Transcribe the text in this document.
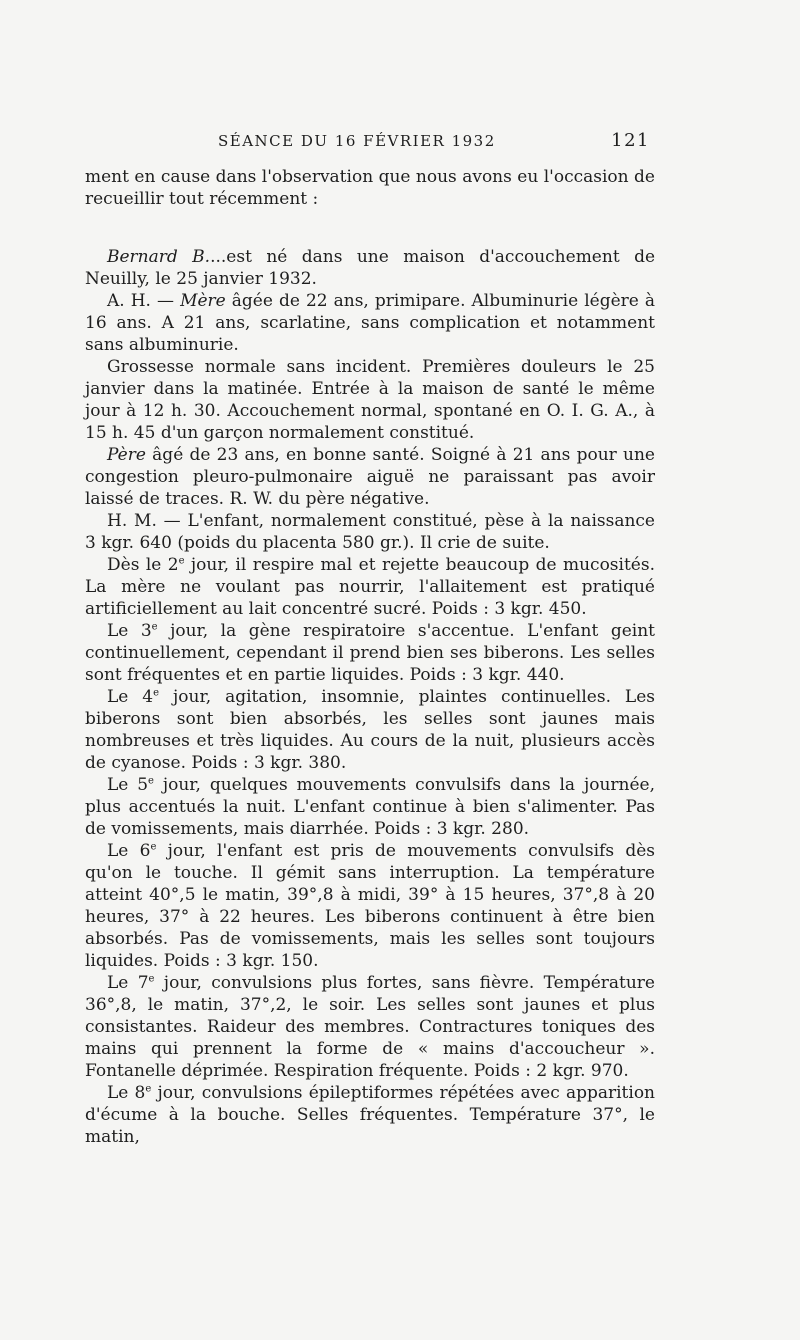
SÉANCE DU 16 FÉVRIER 1932	121

ment en cause dans l'observation que nous avons eu l'occasion de recueillir tout récemment :

Bernard B....est né dans une maison d'accouchement de Neuilly, le 25 janvier 1932.

A. H. — Mère âgée de 22 ans, primipare. Albuminurie légère à 16 ans. A 21 ans, scarlatine, sans complication et notamment sans albuminurie.

Grossesse normale sans incident. Premières douleurs le 25 janvier dans la matinée. Entrée à la maison de santé le même jour à 12 h. 30. Accouchement normal, spontané en O. I. G. A., à 15 h. 45 d'un garçon normalement constitué.

Père âgé de 23 ans, en bonne santé. Soigné à 21 ans pour une congestion pleuro-pulmonaire aiguë ne paraissant pas avoir laissé de traces. R. W. du père négative.

H. M. — L'enfant, normalement constitué, pèse à la naissance 3 kgr. 640 (poids du placenta 580 gr.). Il crie de suite.

Dès le 2e jour, il respire mal et rejette beaucoup de mucosités. La mère ne voulant pas nourrir, l'allaitement est pratiqué artificiellement au lait concentré sucré. Poids : 3 kgr. 450.

Le 3e jour, la gène respiratoire s'accentue. L'enfant geint continuellement, cependant il prend bien ses biberons. Les selles sont fréquentes et en partie liquides. Poids : 3 kgr. 440.

Le 4e jour, agitation, insomnie, plaintes continuelles. Les biberons sont bien absorbés, les selles sont jaunes mais nombreuses et très liquides. Au cours de la nuit, plusieurs accès de cyanose. Poids : 3 kgr. 380.

Le 5e jour, quelques mouvements convulsifs dans la journée, plus accentués la nuit. L'enfant continue à bien s'alimenter. Pas de vomissements, mais diarrhée. Poids : 3 kgr. 280.

Le 6e jour, l'enfant est pris de mouvements convulsifs dès qu'on le touche. Il gémit sans interruption. La température atteint 40°,5 le matin, 39°,8 à midi, 39° à 15 heures, 37°,8 à 20 heures, 37° à 22 heures. Les biberons continuent à être bien absorbés. Pas de vomissements, mais les selles sont toujours liquides. Poids : 3 kgr. 150.

Le 7e jour, convulsions plus fortes, sans fièvre. Température 36°,8, le matin, 37°,2, le soir. Les selles sont jaunes et plus consistantes. Raideur des membres. Contractures toniques des mains qui prennent la forme de « mains d'accoucheur ». Fontanelle déprimée. Respiration fréquente. Poids : 2 kgr. 970.

Le 8e jour, convulsions épileptiformes répétées avec apparition d'écume à la bouche. Selles fréquentes. Température 37°, le matin,
